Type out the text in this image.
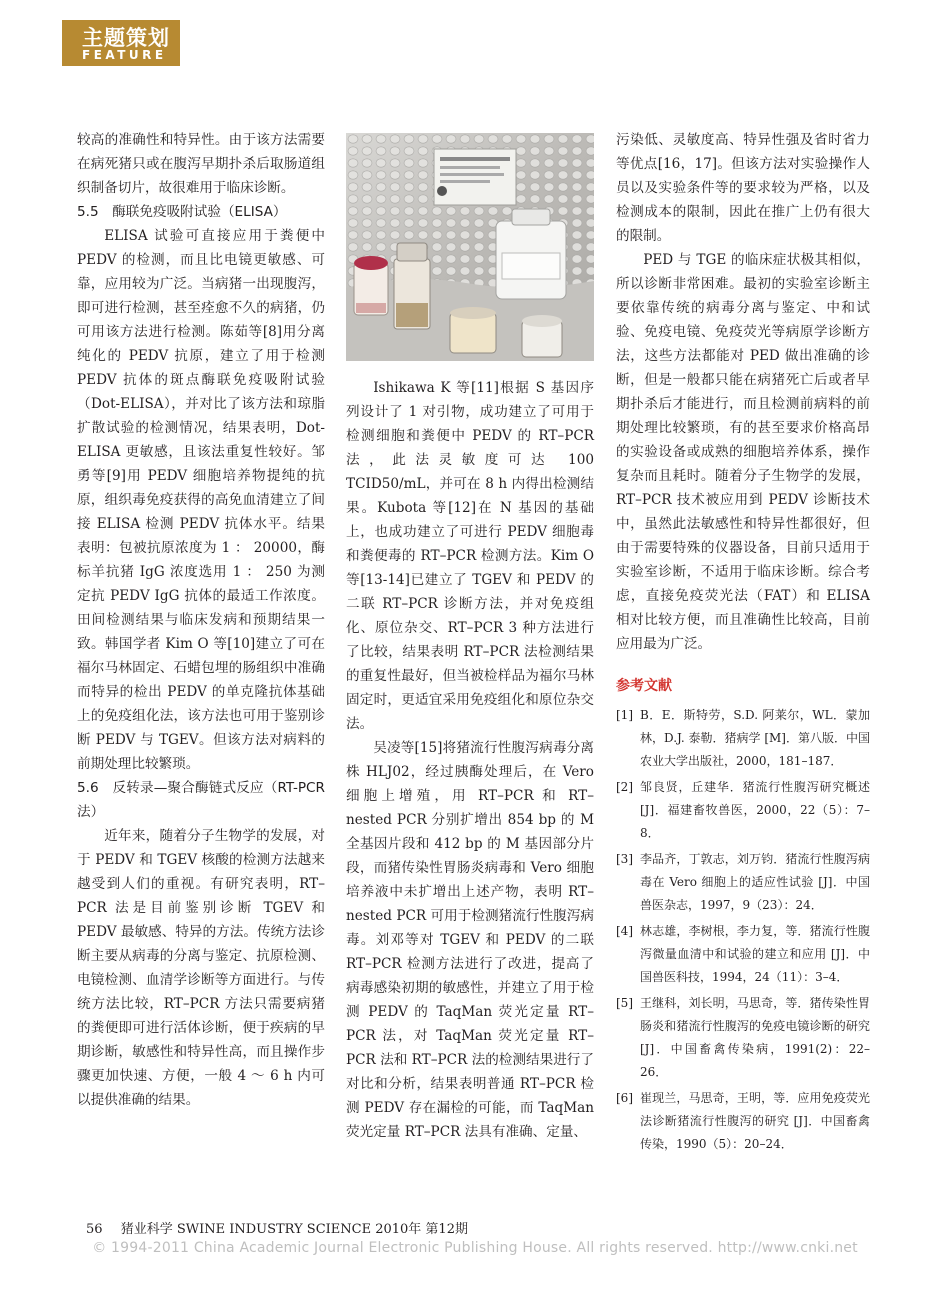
主题策划
FEATURE

较高的准确性和特异性。由于该方法需要在病死猪只或在腹泻早期扑杀后取肠道组织制备切片，故很难用于临床诊断。

5.5　酶联免疫吸附试验（ELISA）

ELISA 试验可直接应用于粪便中 PEDV 的检测，而且比电镜更敏感、可靠，应用较为广泛。当病猪一出现腹泻，即可进行检测，甚至痊愈不久的病猪，仍可用该方法进行检测。陈茹等[8]用分离纯化的 PEDV 抗原，建立了用于检测 PEDV 抗体的斑点酶联免疫吸附试验（Dot-ELISA），并对比了该方法和琼脂扩散试验的检测情况，结果表明，Dot-ELISA 更敏感，且该法重复性较好。邹勇等[9]用 PEDV 细胞培养物提纯的抗原，组织毒免疫获得的高免血清建立了间接 ELISA 检测 PEDV 抗体水平。结果表明：包被抗原浓度为 1 ： 20000，酶标羊抗猪 IgG 浓度选用 1 ： 250 为测定抗 PEDV IgG 抗体的最适工作浓度。田间检测结果与临床发病和预期结果一致。韩国学者 Kim O 等[10]建立了可在福尔马林固定、石蜡包埋的肠组织中准确而特异的检出 PEDV 的单克隆抗体基础上的免疫组化法，该方法也可用于鉴别诊断 PEDV 与 TGEV。但该方法对病料的前期处理比较繁琐。

5.6　反转录—聚合酶链式反应（RT-PCR 法）

近年来，随着分子生物学的发展，对于 PEDV 和 TGEV 核酸的检测方法越来越受到人们的重视。有研究表明，RT–PCR 法是目前鉴别诊断 TGEV 和 PEDV 最敏感、特异的方法。传统方法诊断主要从病毒的分离与鉴定、抗原检测、电镜检测、血清学诊断等方面进行。与传统方法比较，RT–PCR 方法只需要病猪的粪便即可进行活体诊断，便于疾病的早期诊断，敏感性和特异性高，而且操作步骤更加快速、方便，一般 4 ～ 6 h 内可以提供准确的结果。

Ishikawa K 等[11]根据 S 基因序列设计了 1 对引物，成功建立了可用于检测细胞和粪便中 PEDV 的 RT–PCR 法，此法灵敏度可达 100 TCID50/mL，并可在 8 h 内得出检测结果。Kubota 等[12]在 N 基因的基础上，也成功建立了可进行 PEDV 细胞毒和粪便毒的 RT–PCR 检测方法。Kim O 等[13-14]已建立了 TGEV 和 PEDV 的二联 RT–PCR 诊断方法，并对免疫组化、原位杂交、RT–PCR 3 种方法进行了比较，结果表明 RT–PCR 法检测结果的重复性最好，但当被检样品为福尔马林固定时，更适宜采用免疫组化和原位杂交法。

吴凌等[15]将猪流行性腹泻病毒分离株 HLJ02，经过胰酶处理后，在 Vero 细胞上增殖，用 RT–PCR 和 RT–nested PCR 分别扩增出 854 bp 的 M 全基因片段和 412 bp 的 M 基因部分片段，而猪传染性胃肠炎病毒和 Vero 细胞培养液中未扩增出上述产物，表明 RT–nested PCR 可用于检测猪流行性腹泻病毒。刘邓等对 TGEV 和 PEDV 的二联 RT–PCR 检测方法进行了改进，提高了病毒感染初期的敏感性，并建立了用于检测 PEDV 的 TaqMan 荧光定量 RT–PCR 法，对 TaqMan 荧光定量 RT–PCR 法和 RT–PCR 法的检测结果进行了对比和分析，结果表明普通 RT–PCR 检测 PEDV 存在漏检的可能，而 TaqMan 荧光定量 RT–PCR 法具有准确、定量、

污染低、灵敏度高、特异性强及省时省力等优点[16，17]。但该方法对实验操作人员以及实验条件等的要求较为严格，以及检测成本的限制，因此在推广上仍有很大的限制。

PED 与 TGE 的临床症状极其相似，所以诊断非常困难。最初的实验室诊断主要依靠传统的病毒分离与鉴定、中和试验、免疫电镜、免疫荧光等病原学诊断方法，这些方法都能对 PED 做出准确的诊断，但是一般都只能在病猪死亡后或者早期扑杀后才能进行，而且检测前病料的前期处理比较繁琐，有的甚至要求价格高昂的实验设备或成熟的细胞培养体系，操作复杂而且耗时。随着分子生物学的发展，RT–PCR 技术被应用到 PEDV 诊断技术中，虽然此法敏感性和特异性都很好，但由于需要特殊的仪器设备，目前只适用于实验室诊断，不适用于临床诊断。综合考虑，直接免疫荧光法（FAT）和 ELISA 相对比较方便，而且准确性比较高，目前应用最为广泛。

参考文献
[1] B．E．斯特劳，S.D. 阿莱尔，WL．蒙加林，D.J. 泰勒．猪病学 [M]．第八版．中国农业大学出版社，2000，181–187．
[2] 邹良贤，丘建华．猪流行性腹泻研究概述 [J]．福建畜牧兽医，2000，22（5）：7–8．
[3] 李品齐，丁敦志，刘万钧．猪流行性腹泻病毒在 Vero 细胞上的适应性试验 [J]．中国兽医杂志，1997，9（23）：24．
[4] 林志雄，李树根，李力复，等．猪流行性腹泻微量血清中和试验的建立和应用 [J]．中国兽医科技，1994，24（11）：3–4．
[5] 王继科，刘长明，马思奇，等．猪传染性胃肠炎和猪流行性腹泻的免疫电镜诊断的研究 [J]．中国畜禽传染病，1991(2)：22–26．
[6] 崔现兰，马思奇，王明，等．应用免疫荧光法诊断猪流行性腹泻的研究 [J]．中国畜禽传染，1990（5）：20–24．
56 猪业科学 SWINE INDUSTRY SCIENCE 2010年 第12期
© 1994-2011 China Academic Journal Electronic Publishing House. All rights reserved. http://www.cnki.net
